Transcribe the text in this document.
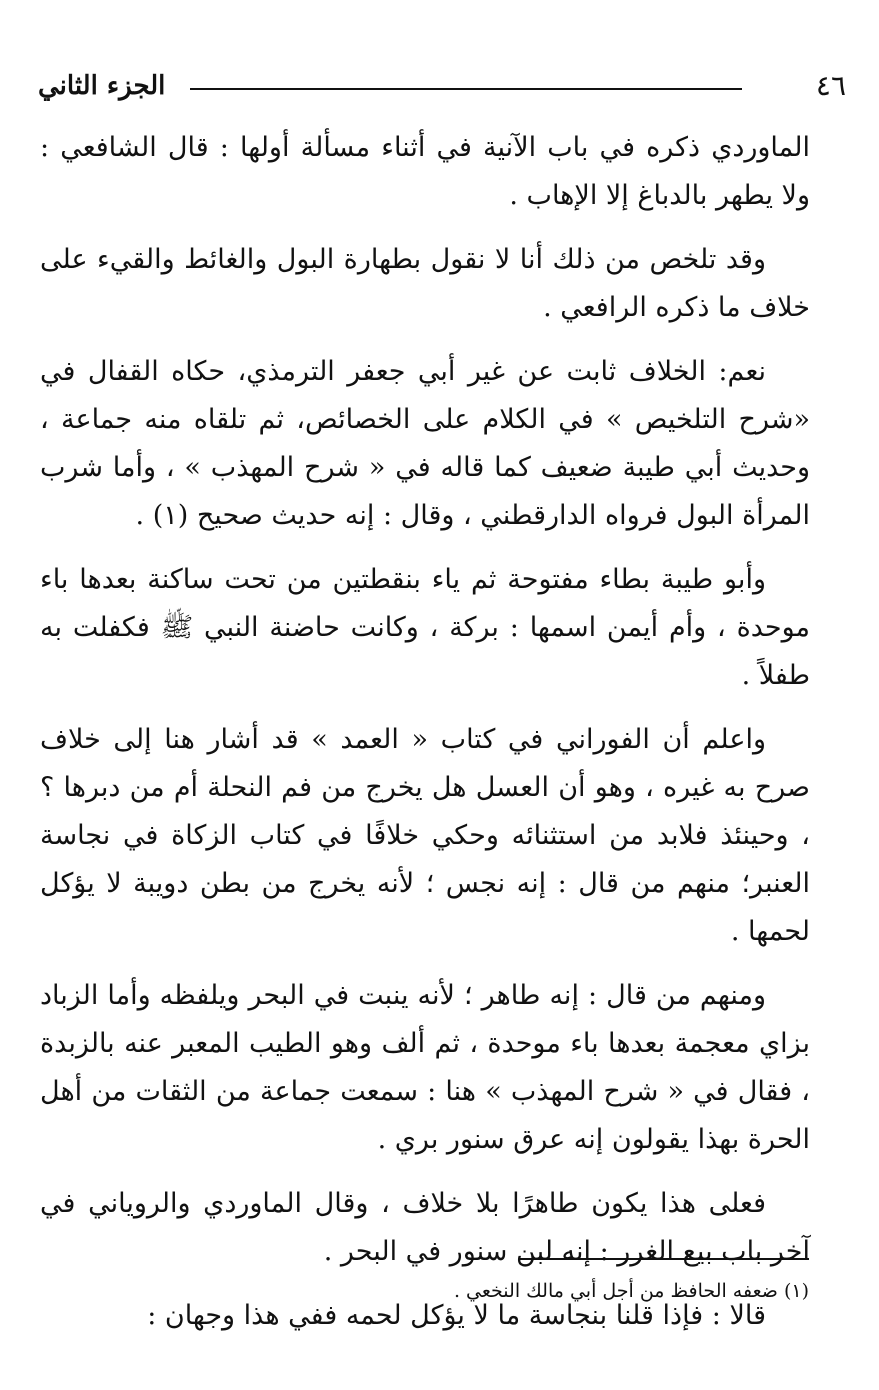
٤٦
الجزء الثاني

الماوردي ذكره في باب الآنية في أثناء مسألة أولها : قال الشافعي : ولا يطهر بالدباغ إلا الإهاب .

وقد تلخص من ذلك أنا لا نقول بطهارة البول والغائط والقيء على خلاف ما ذكره الرافعي .

نعم: الخلاف ثابت عن غير أبي جعفر الترمذي، حكاه القفال في «شرح التلخيص » في الكلام على الخصائص، ثم تلقاه منه جماعة ، وحديث أبي طيبة ضعيف كما قاله في « شرح المهذب » ، وأما شرب المرأة البول فرواه الدارقطني ، وقال : إنه حديث صحيح (١) .

وأبو طيبة بطاء مفتوحة ثم ياء بنقطتين من تحت ساكنة بعدها باء موحدة ، وأم أيمن اسمها : بركة ، وكانت حاضنة النبي ﷺ فكفلت به طفلاً .

واعلم أن الفوراني في كتاب « العمد » قد أشار هنا إلى خلاف صرح به غيره ، وهو أن العسل هل يخرج من فم النحلة أم من دبرها ؟ ، وحينئذ فلابد من استثنائه وحكي خلافًا في كتاب الزكاة في نجاسة العنبر؛ منهم من قال : إنه نجس ؛ لأنه يخرج من بطن دويبة لا يؤكل لحمها .

ومنهم من قال : إنه طاهر ؛ لأنه ينبت في البحر ويلفظه وأما الزباد بزاي معجمة بعدها باء موحدة ، ثم ألف وهو الطيب المعبر عنه بالزبدة ، فقال في « شرح المهذب » هنا : سمعت جماعة من الثقات من أهل الحرة بهذا يقولون إنه عرق سنور بري .

فعلى هذا يكون طاهرًا بلا خلاف ، وقال الماوردي والروياني في آخر باب بيع الغرر : إنه لبن سنور في البحر .

قالا : فإذا قلنا بنجاسة ما لا يؤكل لحمه ففي هذا وجهان :

(١) ضعفه الحافظ من أجل أبي مالك النخعي .
